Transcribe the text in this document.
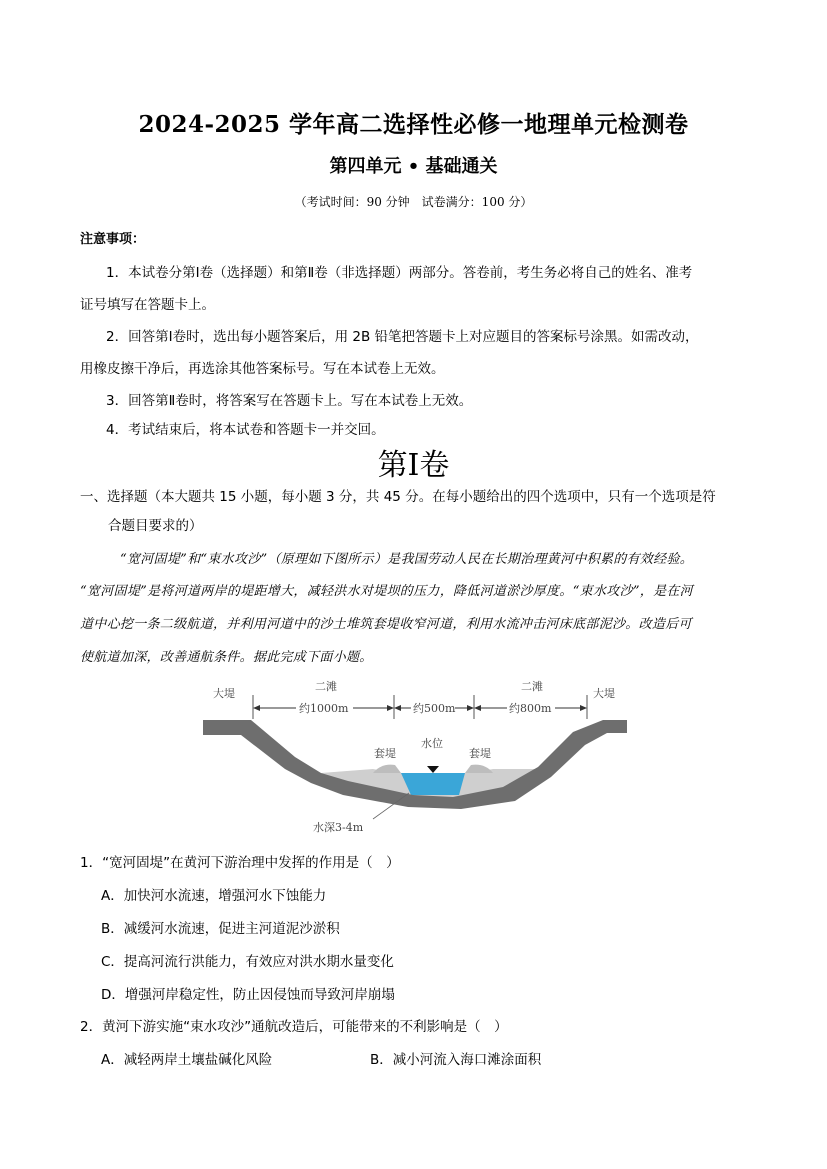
2024-2025 学年高二选择性必修一地理单元检测卷
第四单元 • 基础通关
（考试时间：90 分钟　试卷满分：100 分）
注意事项：
1．本试卷分第Ⅰ卷（选择题）和第Ⅱ卷（非选择题）两部分。答卷前，考生务必将自己的姓名、准考
证号填写在答题卡上。
2．回答第Ⅰ卷时，选出每小题答案后，用 2B 铅笔把答题卡上对应题目的答案标号涂黑。如需改动，
用橡皮擦干净后，再选涂其他答案标号。写在本试卷上无效。
3．回答第Ⅱ卷时，将答案写在答题卡上。写在本试卷上无效。
4．考试结束后，将本试卷和答题卡一并交回。
第Ⅰ卷
一、选择题（本大题共 15 小题，每小题 3 分，共 45 分。在每小题给出的四个选项中，只有一个选项是符
合题目要求的）
“宽河固堤”和“束水攻沙”（原理如下图所示）是我国劳动人民在长期治理黄河中积累的有效经验。
“宽河固堤”是将河道两岸的堤距增大，减轻洪水对堤坝的压力，降低河道淤沙厚度。“束水攻沙”，是在河
道中心挖一条二级航道，并利用河道中的沙土堆筑套堤收窄河道，利用水流冲击河床底部泥沙。改造后可
使航道加深，改善通航条件。据此完成下面小题。
大堤	大堤
二滩	二滩
约1000m	约500m	约800m
水位
套堤	套堤
水深3-4m
1．“宽河固堤”在黄河下游治理中发挥的作用是（　）
A．加快河水流速，增强河水下蚀能力
B．减缓河水流速，促进主河道泥沙淤积
C．提高河流行洪能力，有效应对洪水期水量变化
D．增强河岸稳定性，防止因侵蚀而导致河岸崩塌
2．黄河下游实施“束水攻沙”通航改造后，可能带来的不利影响是（　）
A．减轻两岸土壤盐碱化风险	B．减小河流入海口滩涂面积
